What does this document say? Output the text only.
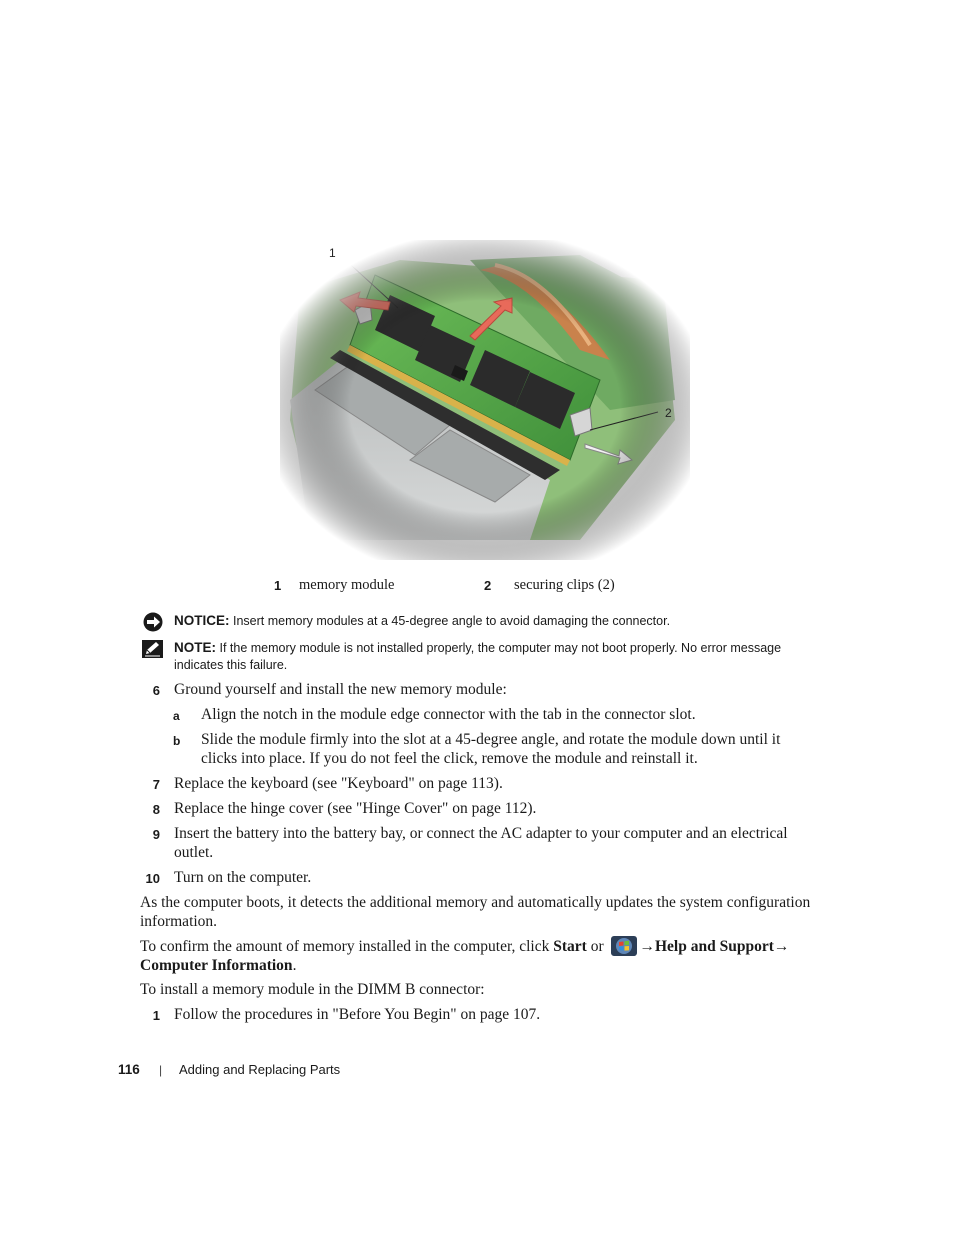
1
2
1 memory module	2 securing clips (2)
NOTICE: Insert memory modules at a 45-degree angle to avoid damaging the connector.
NOTE: If the memory module is not installed properly, the computer may not boot properly. No error message indicates this failure.
6 Ground yourself and install the new memory module:
a Align the notch in the module edge connector with the tab in the connector slot.
b Slide the module firmly into the slot at a 45-degree angle, and rotate the module down until it clicks into place. If you do not feel the click, remove the module and reinstall it.
7 Replace the keyboard (see "Keyboard" on page 113).
8 Replace the hinge cover (see "Hinge Cover" on page 112).
9 Insert the battery into the battery bay, or connect the AC adapter to your computer and an electrical outlet.
10 Turn on the computer.
As the computer boots, it detects the additional memory and automatically updates the system configuration information.
To confirm the amount of memory installed in the computer, click Start or →Help and Support→
Computer Information.
To install a memory module in the DIMM B connector:
1 Follow the procedures in "Before You Begin" on page 107.
116 | Adding and Replacing Parts
